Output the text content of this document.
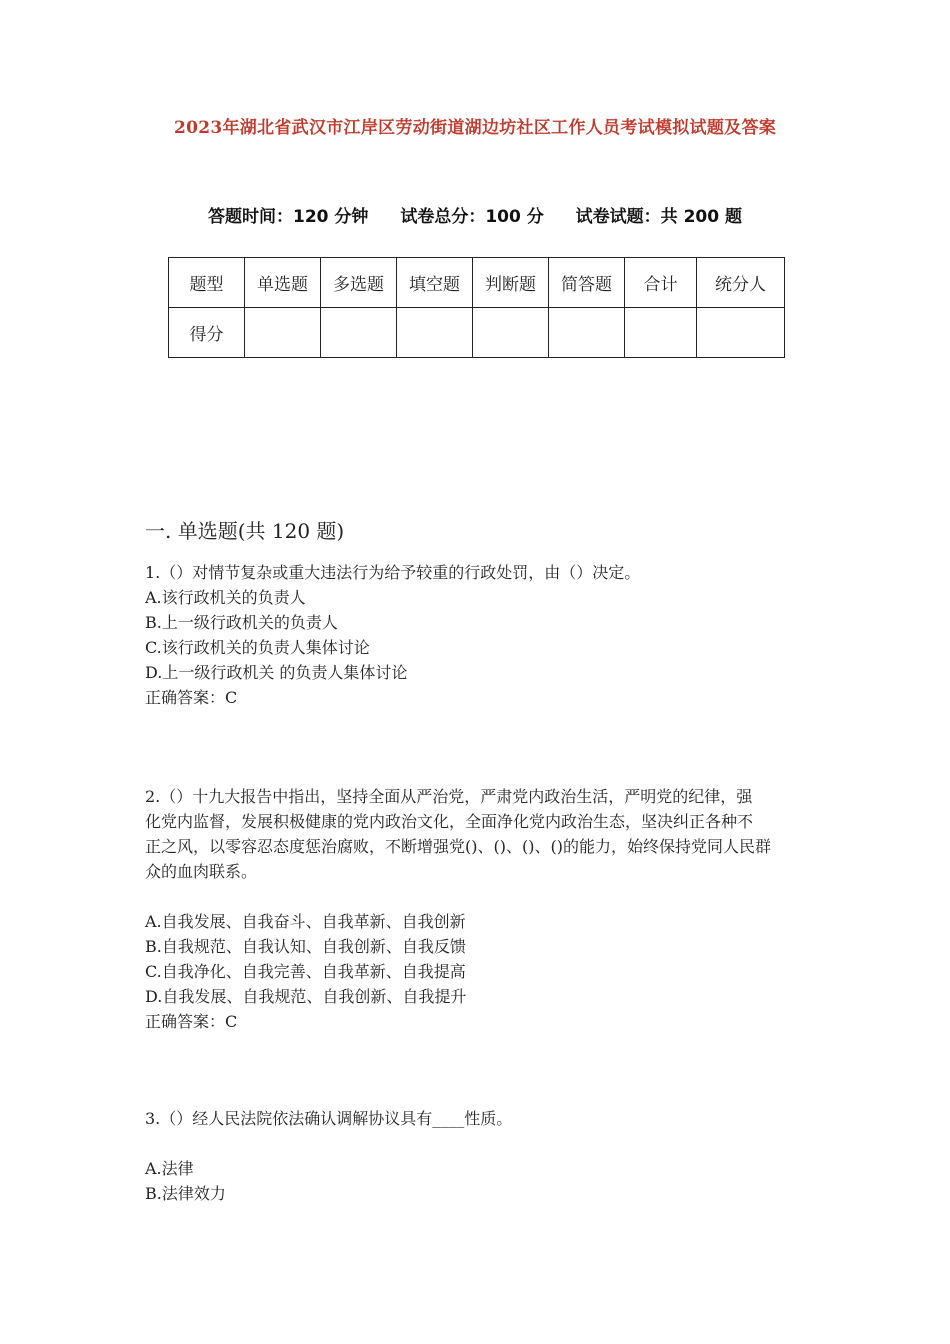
2023年湖北省武汉市江岸区劳动街道湖边坊社区工作人员考试模拟试题及答案
答题时间：120 分钟 试卷总分：100 分 试卷试题：共 200 题
题型	单选题	多选题	填空题	判断题	简答题	合计	统分人
得分							
一. 单选题(共 120 题)
1.（）对情节复杂或重大违法行为给予较重的行政处罚，由（）决定。
A.该行政机关的负责人
B.上一级行政机关的负责人
C.该行政机关的负责人集体讨论
D.上一级行政机关 的负责人集体讨论
正确答案：C
2.（）十九大报告中指出，坚持全面从严治党，严肃党内政治生活，严明党的纪律，强
化党内监督，发展积极健康的党内政治文化，全面净化党内政治生态，坚决纠正各种不
正之风，以零容忍态度惩治腐败，不断增强党()、()、()、()的能力，始终保持党同人民群
众的血肉联系。
A.自我发展、自我奋斗、自我革新、自我创新
B.自我规范、自我认知、自我创新、自我反馈
C.自我净化、自我完善、自我革新、自我提高
D.自我发展、自我规范、自我创新、自我提升
正确答案：C
3.（）经人民法院依法确认调解协议具有____性质。
A.法律
B.法律效力
